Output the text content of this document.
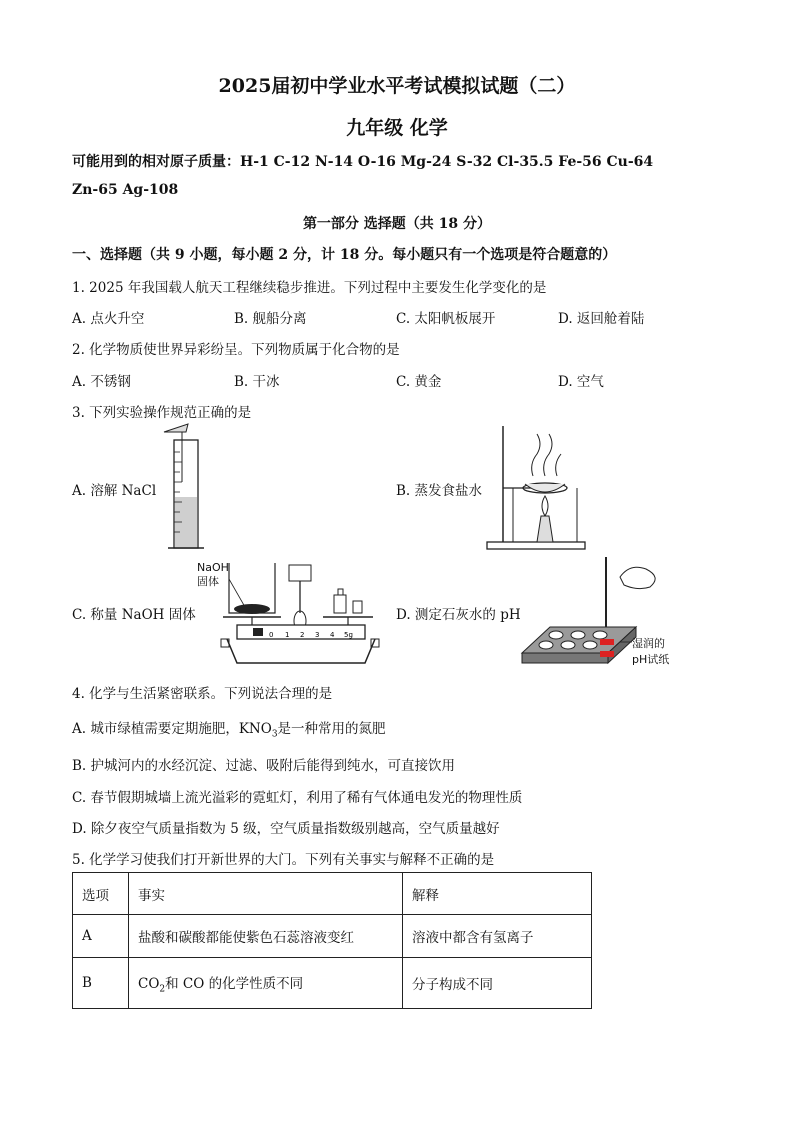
2025届初中学业水平考试模拟试题（二）
九年级 化学
可能用到的相对原子质量：H-1 C-12 N-14 O-16 Mg-24 S-32 Cl-35.5 Fe-56 Cu-64
Zn-65 Ag-108
第一部分 选择题（共 18 分）
一、选择题（共 9 小题，每小题 2 分，计 18 分。每小题只有一个选项是符合题意的）
1. 2025 年我国载人航天工程继续稳步推进。下列过程中主要发生化学变化的是
A. 点火升空	B. 舰船分离	C. 太阳帆板展开	D. 返回舱着陆
2. 化学物质使世界异彩纷呈。下列物质属于化合物的是
A. 不锈钢	B. 干冰	C. 黄金	D. 空气
3. 下列实验操作规范正确的是
A. 溶解 NaCl	B. 蒸发食盐水
C. 称量 NaOH 固体	D. 测定石灰水的 pH
NaOH
固体
0 1 2 3 4 5g
湿润的
pH试纸
4. 化学与生活紧密联系。下列说法合理的是
A. 城市绿植需要定期施肥，$KNO_3$是一种常用的氮肥
B. 护城河内的水经沉淀、过滤、吸附后能得到纯水，可直接饮用
C. 春节假期城墙上流光溢彩的霓虹灯，利用了稀有气体通电发光的物理性质
D. 除夕夜空气质量指数为 5 级，空气质量指数级别越高，空气质量越好
5. 化学学习使我们打开新世界的大门。下列有关事实与解释不正确的是
选项	事实	解释
A	盐酸和碳酸都能使紫色石蕊溶液变红	溶液中都含有氢离子
B	$CO_2$和 CO 的化学性质不同	分子构成不同
